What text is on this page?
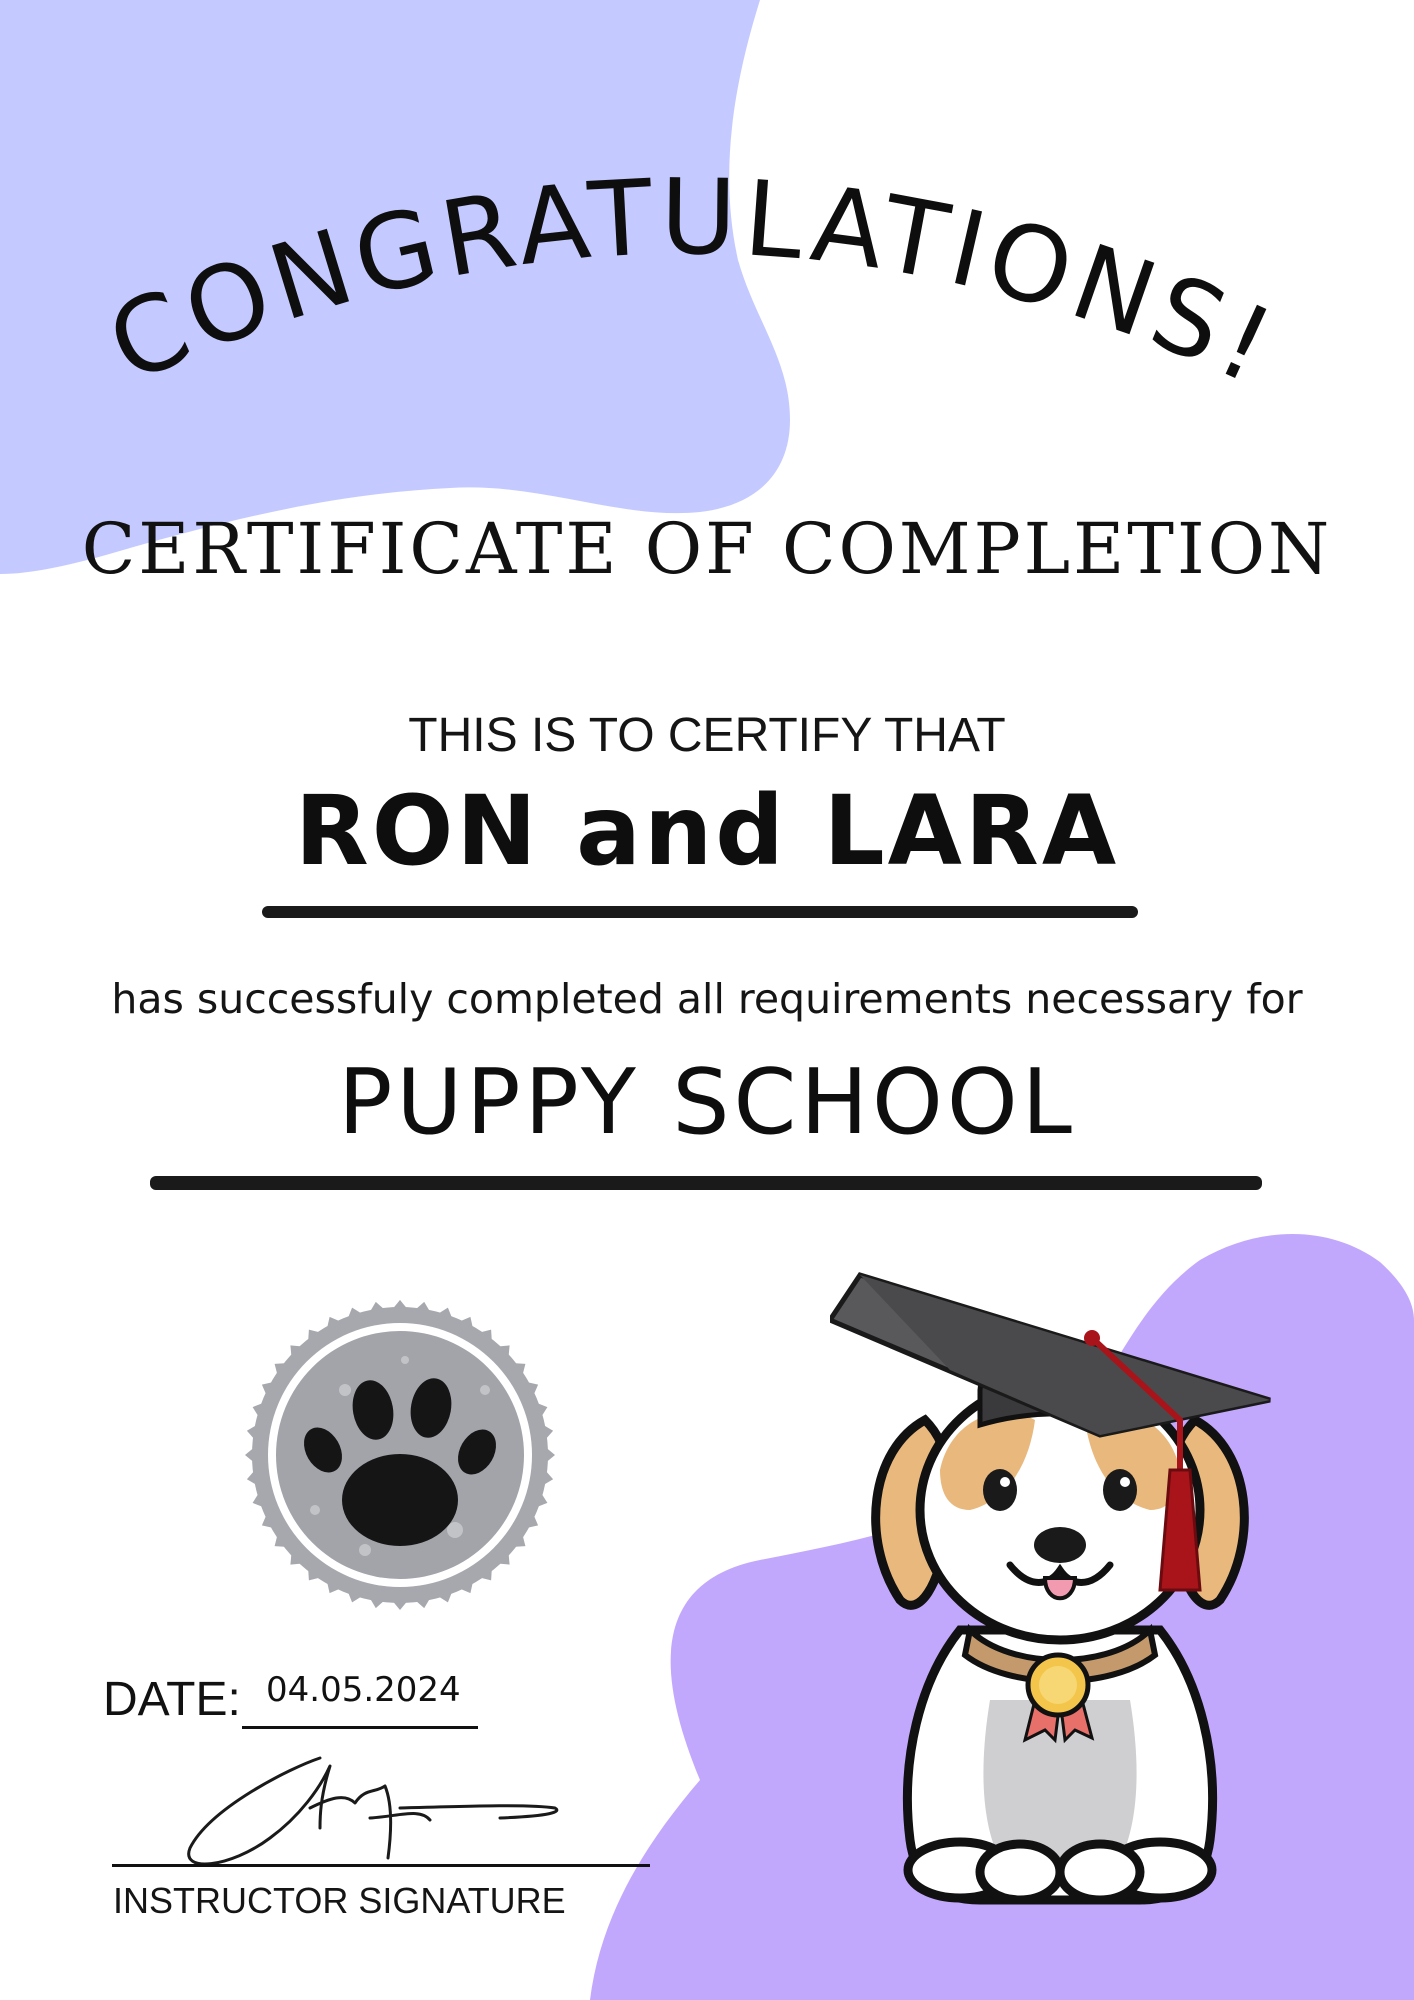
CONGRATULATIONS!
CERTIFICATE OF COMPLETION
THIS IS TO CERTIFY THAT
RON and LARA
has successfuly completed all requirements necessary for
PUPPY SCHOOL
DATE: 04.05.2024
INSTRUCTOR SIGNATURE
